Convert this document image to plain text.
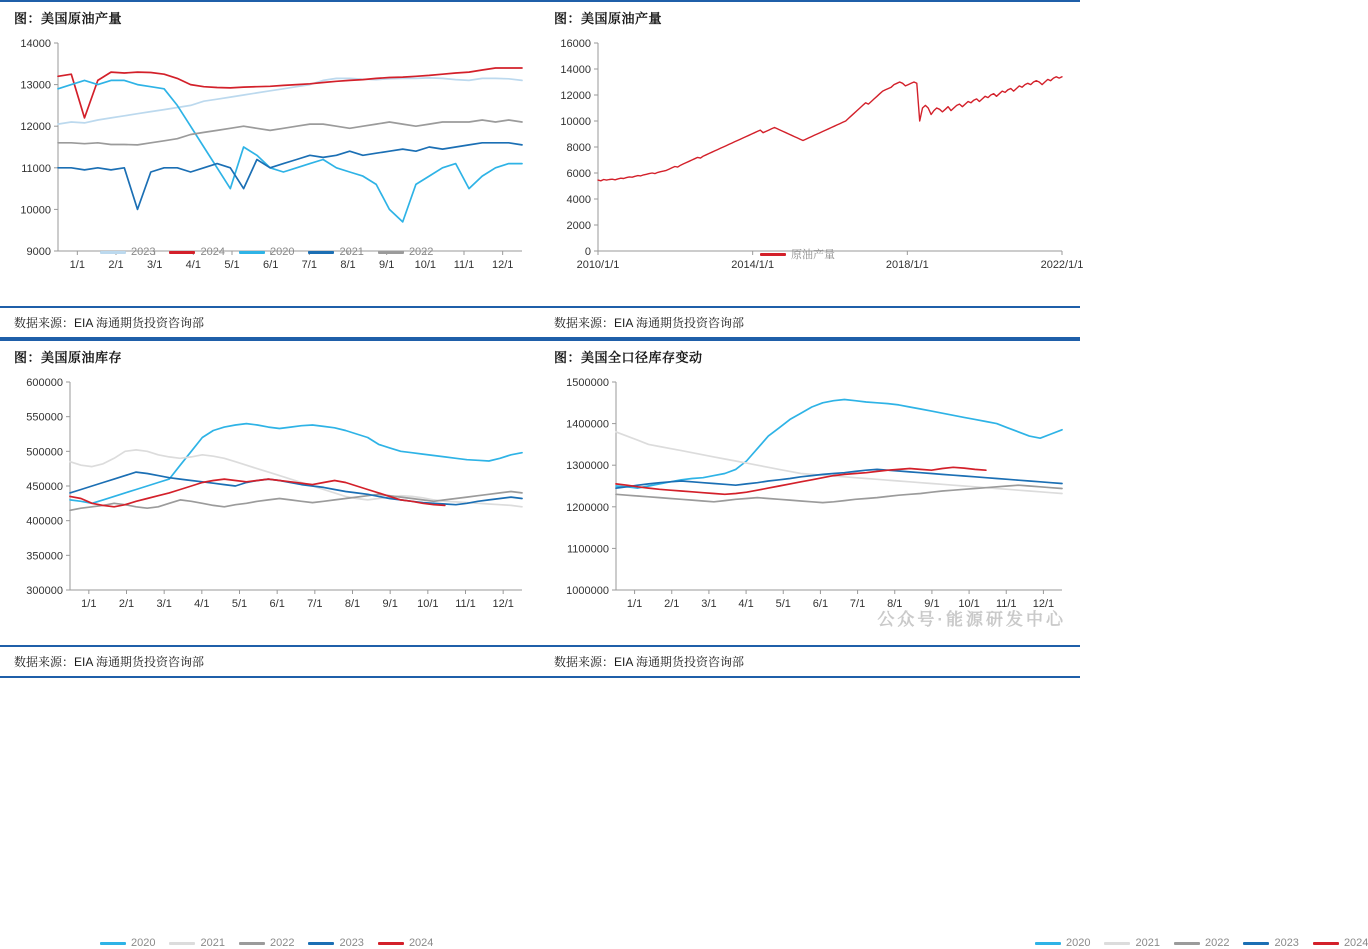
图：美国原油产量
9000
10000
11000
12000
13000
14000
1/1 2/1 3/1 4/1 5/1 6/1 7/1 8/1 9/1 10/1 11/1 12/1
2023	2024	2020	2021	2022
数据来源：EIA 海通期货投资咨询部
图：美国原油产量
0
2000
4000
6000
8000
10000
12000
14000
16000
2010/1/1	2014/1/1	2018/1/1	2022/1/1
原油产量
数据来源：EIA 海通期货投资咨询部
图：美国原油库存
300000
350000
400000
450000
500000
550000
600000
1/1 2/1 3/1 4/1 5/1 6/1 7/1 8/1 9/1 10/1 11/1 12/1
2020	2021	2022	2023	2024
数据来源：EIA 海通期货投资咨询部
图：美国全口径库存变动
1000000
1100000
1200000
1300000
1400000
1500000
1/1 2/1 3/1 4/1 5/1 6/1 7/1 8/1 9/1 10/1 11/1 12/1
2020	2021	2022	2023	2024
公众号·能源研发中心
数据来源：EIA 海通期货投资咨询部
